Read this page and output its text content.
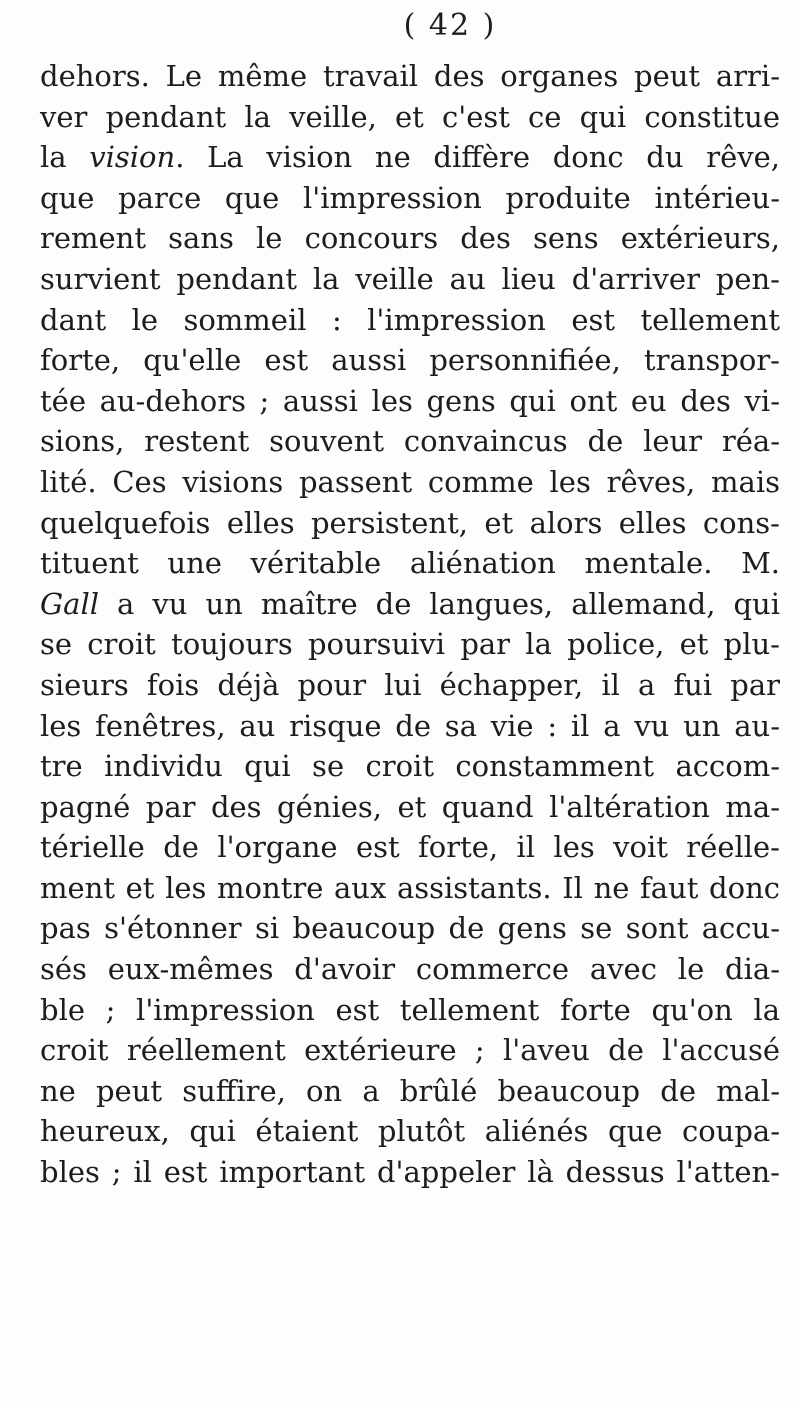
( 42 )
dehors. Le même travail des organes peut arri-
ver pendant la veille, et c'est ce qui constitue
la vision. La vision ne diffère donc du rêve,
que parce que l'impression produite intérieu-
rement sans le concours des sens extérieurs,
survient pendant la veille au lieu d'arriver pen-
dant le sommeil : l'impression est tellement
forte, qu'elle est aussi personnifiée, transpor-
tée au-dehors ; aussi les gens qui ont eu des vi-
sions, restent souvent convaincus de leur réa-
lité. Ces visions passent comme les rêves, mais
quelquefois elles persistent, et alors elles cons-
tituent une véritable aliénation mentale. M.
Gall a vu un maître de langues, allemand, qui
se croit toujours poursuivi par la police, et plu-
sieurs fois déjà pour lui échapper, il a fui par
les fenêtres, au risque de sa vie : il a vu un au-
tre individu qui se croit constamment accom-
pagné par des génies, et quand l'altération ma-
térielle de l'organe est forte, il les voit réelle-
ment et les montre aux assistants. Il ne faut donc
pas s'étonner si beaucoup de gens se sont accu-
sés eux-mêmes d'avoir commerce avec le dia-
ble ; l'impression est tellement forte qu'on la
croit réellement extérieure ; l'aveu de l'accusé
ne peut suffire, on a brûlé beaucoup de mal-
heureux, qui étaient plutôt aliénés que coupa-
bles ; il est important d'appeler là dessus l'atten-
